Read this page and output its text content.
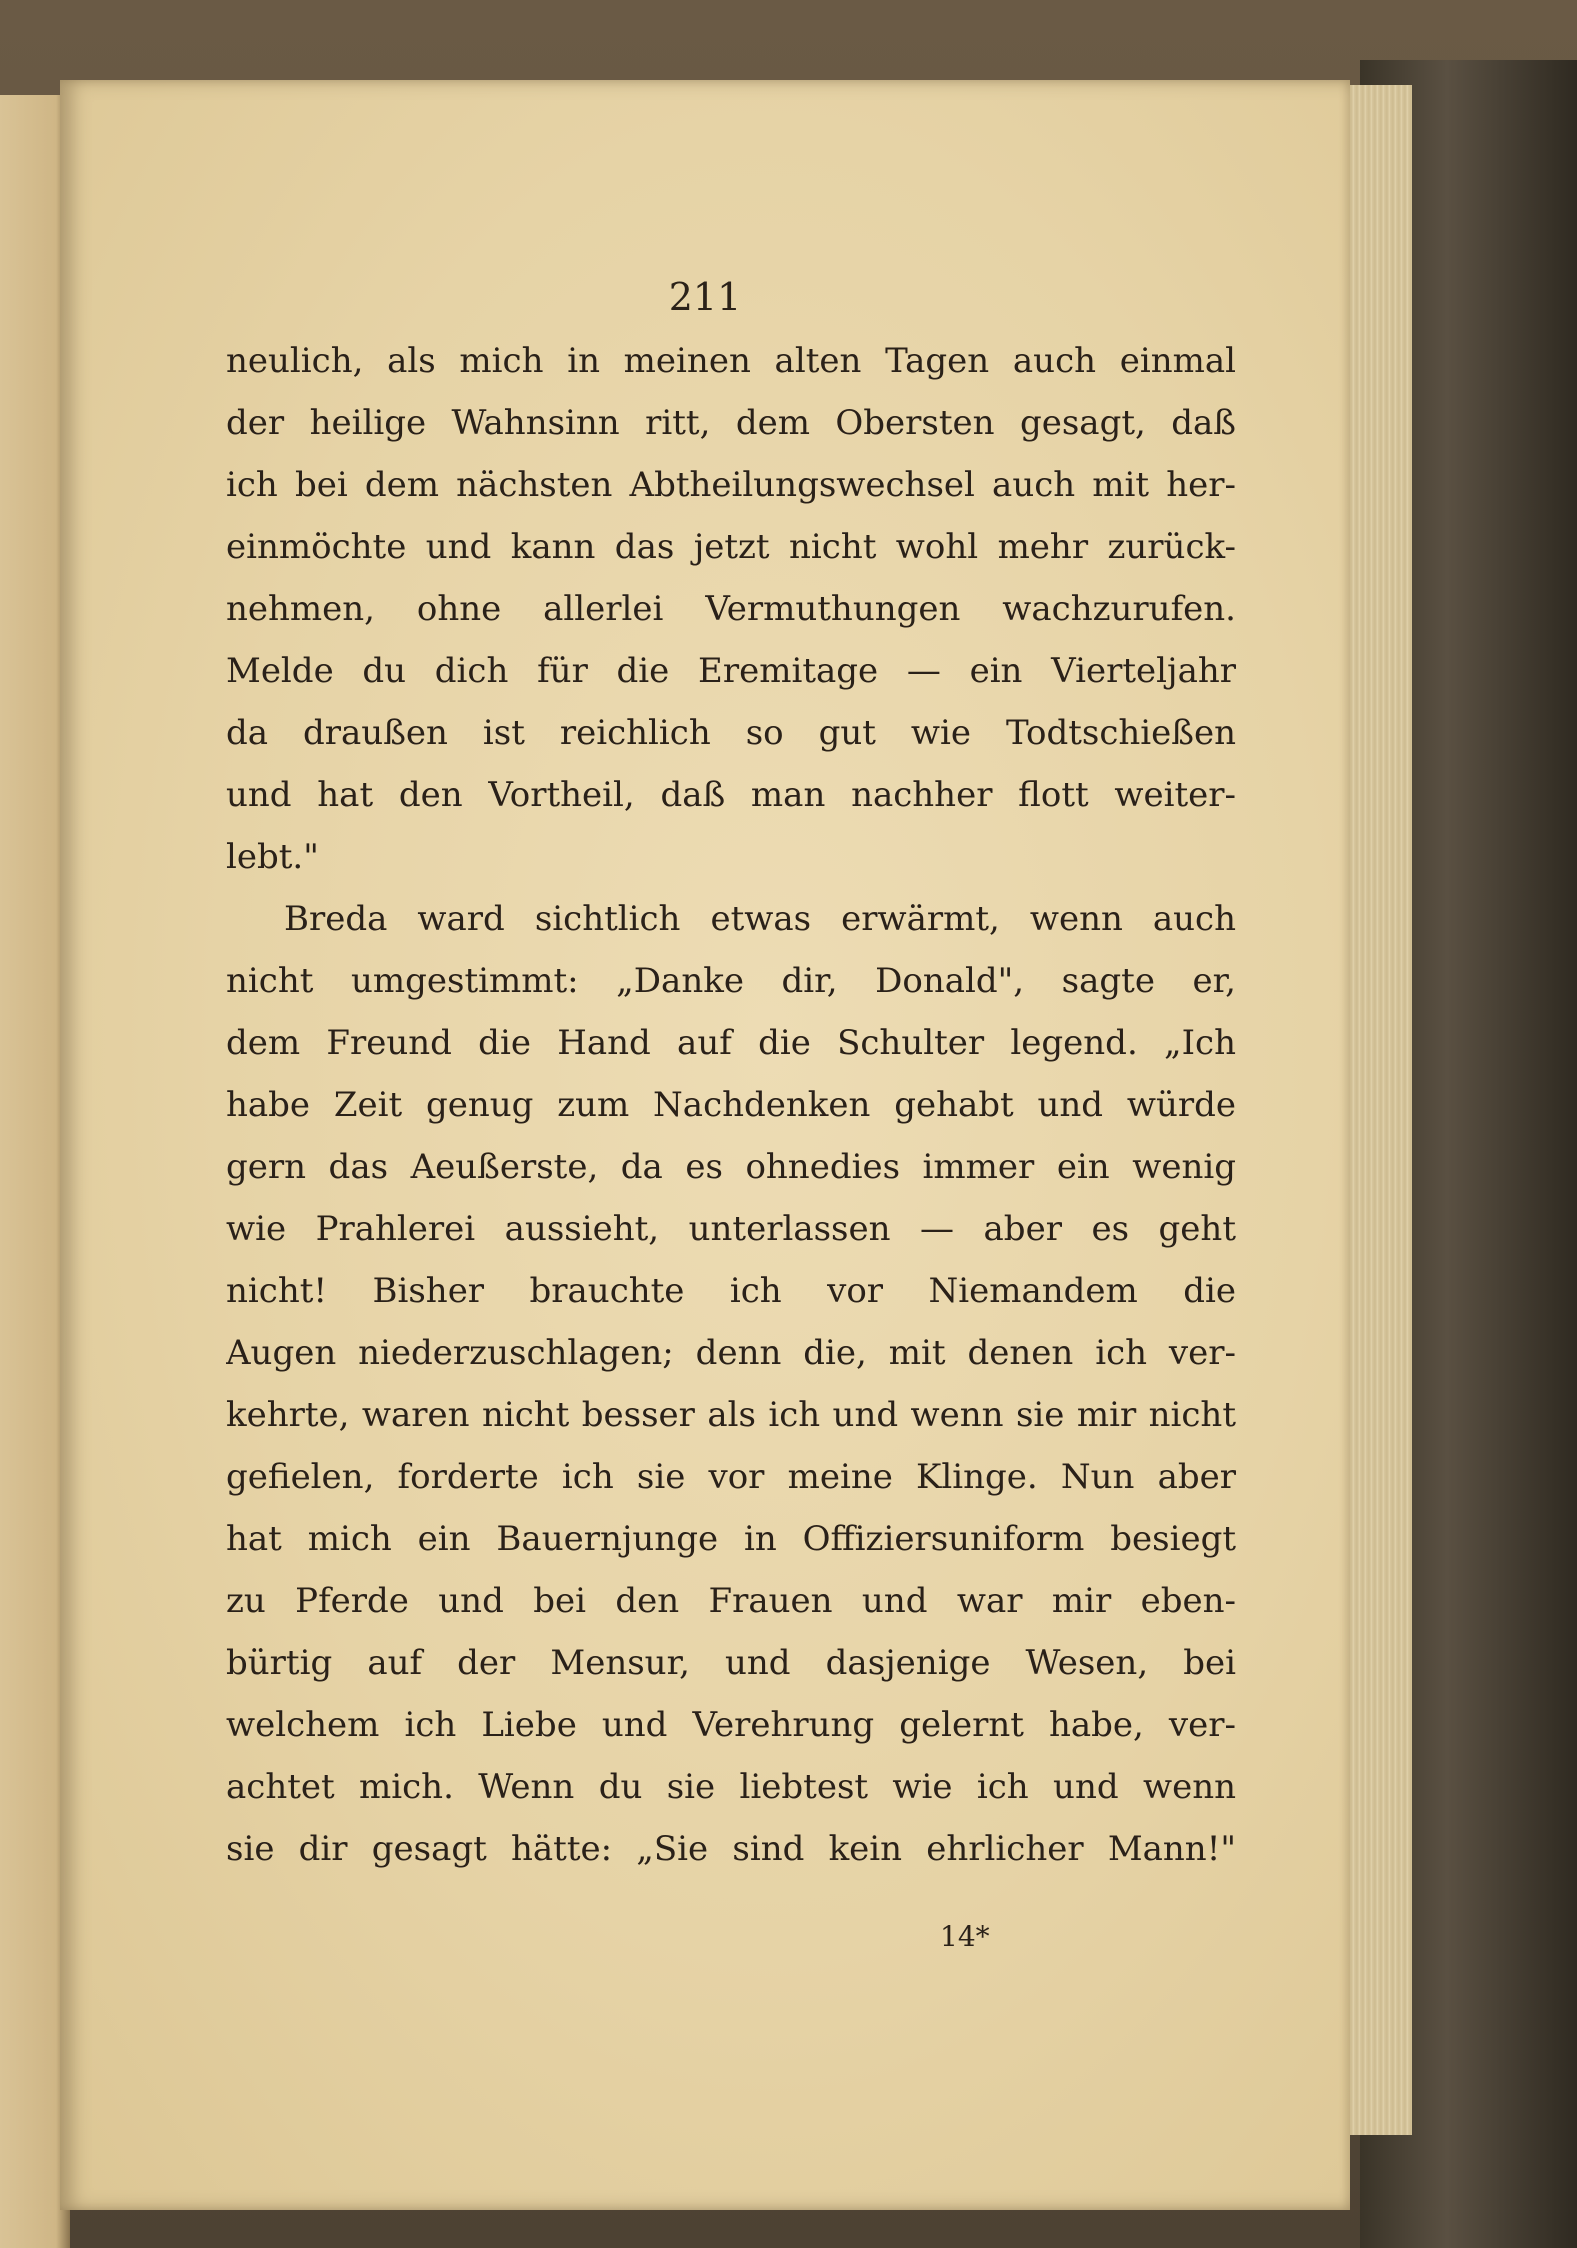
211
neulich, als mich in meinen alten Tagen auch einmal
der heilige Wahnsinn ritt, dem Obersten gesagt, daß
ich bei dem nächsten Abtheilungswechsel auch mit her-
einmöchte und kann das jetzt nicht wohl mehr zurück-
nehmen, ohne allerlei Vermuthungen wachzurufen.
Melde du dich für die Eremitage — ein Vierteljahr
da draußen ist reichlich so gut wie Todtschießen
und hat den Vortheil, daß man nachher flott weiter-
lebt."
Breda ward sichtlich etwas erwärmt, wenn auch
nicht umgestimmt: „Danke dir, Donald", sagte er,
dem Freund die Hand auf die Schulter legend. „Ich
habe Zeit genug zum Nachdenken gehabt und würde
gern das Aeußerste, da es ohnedies immer ein wenig
wie Prahlerei aussieht, unterlassen — aber es geht
nicht! Bisher brauchte ich vor Niemandem die
Augen niederzuschlagen; denn die, mit denen ich ver-
kehrte, waren nicht besser als ich und wenn sie mir nicht
gefielen, forderte ich sie vor meine Klinge. Nun aber
hat mich ein Bauernjunge in Offiziersuniform besiegt
zu Pferde und bei den Frauen und war mir eben-
bürtig auf der Mensur, und dasjenige Wesen, bei
welchem ich Liebe und Verehrung gelernt habe, ver-
achtet mich. Wenn du sie liebtest wie ich und wenn
sie dir gesagt hätte: „Sie sind kein ehrlicher Mann!"
14*
